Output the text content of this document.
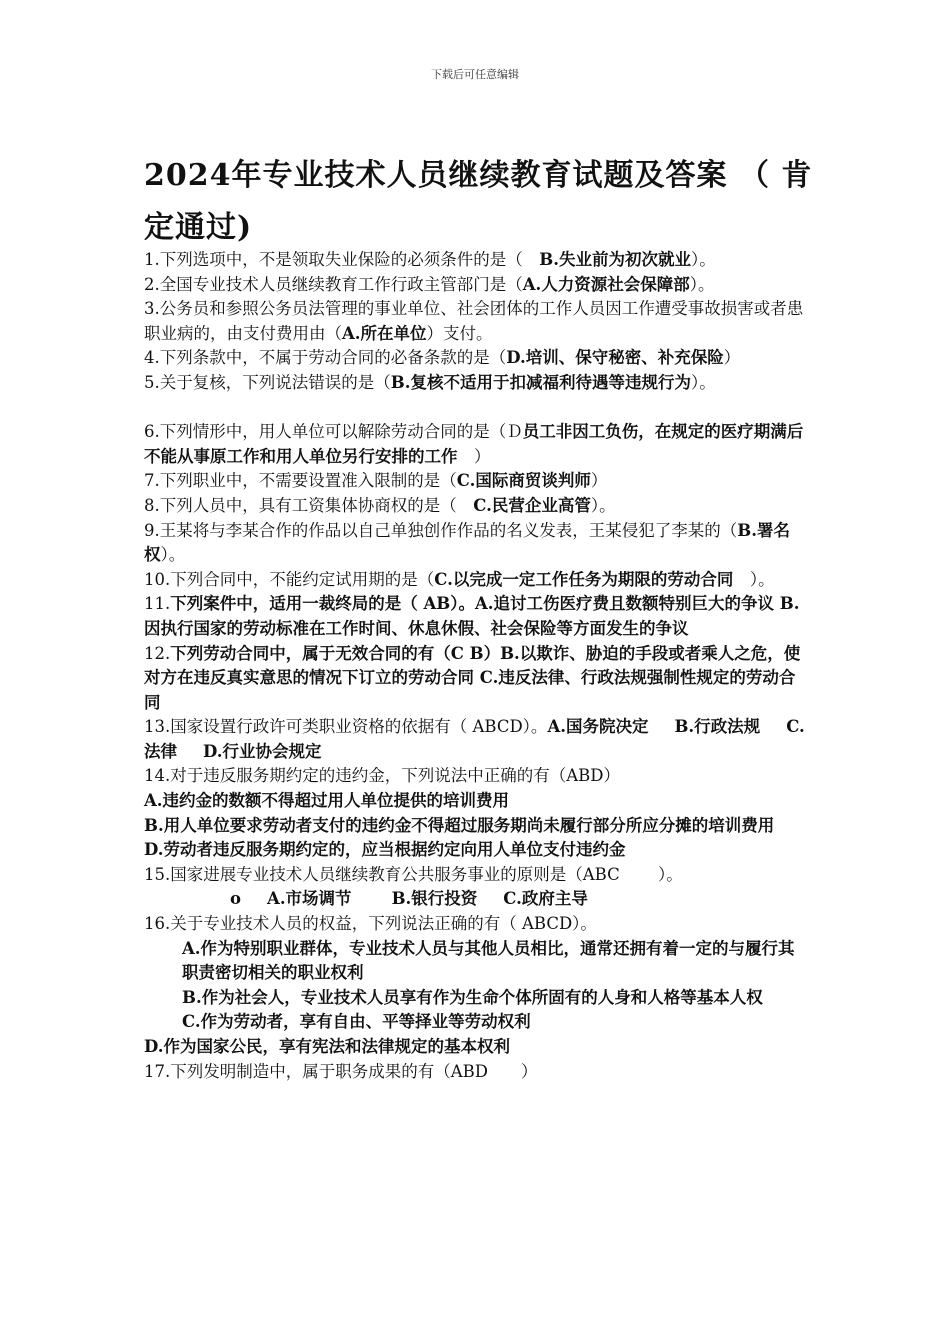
下载后可任意编辑
2024年专业技术人员继续教育试题及答案 （ 肯定通过)

1.下列选项中，不是领取失业保险的必须条件的是（　B.失业前为初次就业）。

2.全国专业技术人员继续教育工作行政主管部门是（A.人力资源社会保障部）。

3.公务员和参照公务员法管理的事业单位、社会团体的工作人员因工作遭受事故损害或者患职业病的，由支付费用由（A.所在单位）支付。

4.下列条款中，不属于劳动合同的必备条款的是（D.培训、保守秘密、补充保险）

5.关于复核，下列说法错误的是（B.复核不适用于扣减福利待遇等违规行为）。

6.下列情形中，用人单位可以解除劳动合同的是（Ｄ员工非因工负伤，在规定的医疗期满后不能从事原工作和用人单位另行安排的工作　）

7.下列职业中，不需要设置准入限制的是（C.国际商贸谈判师）

8.下列人员中，具有工资集体协商权的是（　C.民营企业高管）。

9.王某将与李某合作的作品以自己单独创作作品的名义发表，王某侵犯了李某的（B.署名权）。

10.下列合同中，不能约定试用期的是（C.以完成一定工作任务为期限的劳动合同　）。

11.下列案件中，适用一裁终局的是（ AB）。A.追讨工伤医疗费且数额特别巨大的争议 B.因执行国家的劳动标准在工作时间、休息休假、社会保险等方面发生的争议

12.下列劳动合同中，属于无效合同的有（C B）B.以欺诈、胁迫的手段或者乘人之危，使对方在违反真实意思的情况下订立的劳动合同 C.违反法律、行政法规强制性规定的劳动合同

13.国家设置行政许可类职业资格的依据有（ ABCD）。A.国务院决定 B.行政法规 C.法律 D.行业协会规定

14.对于违反服务期约定的违约金，下列说法中正确的有（ABD）

A.违约金的数额不得超过用人单位提供的培训费用

B.用人单位要求劳动者支付的违约金不得超过服务期尚未履行部分所应分摊的培训费用

D.劳动者违反服务期约定的，应当根据约定向用人单位支付违约金

15.国家进展专业技术人员继续教育公共服务事业的原则是（ABC　　 ）。

o A.市场调节 B.银行投资 C.政府主导

16.关于专业技术人员的权益，下列说法正确的有（ ABCD）。

A.作为特别职业群体，专业技术人员与其他人员相比，通常还拥有着一定的与履行其职责密切相关的职业权利

B.作为社会人，专业技术人员享有作为生命个体所固有的人身和人格等基本人权C.作为劳动者，享有自由、平等择业等劳动权利

D.作为国家公民，享有宪法和法律规定的基本权利

17.下列发明制造中，属于职务成果的有（ABD　　）
